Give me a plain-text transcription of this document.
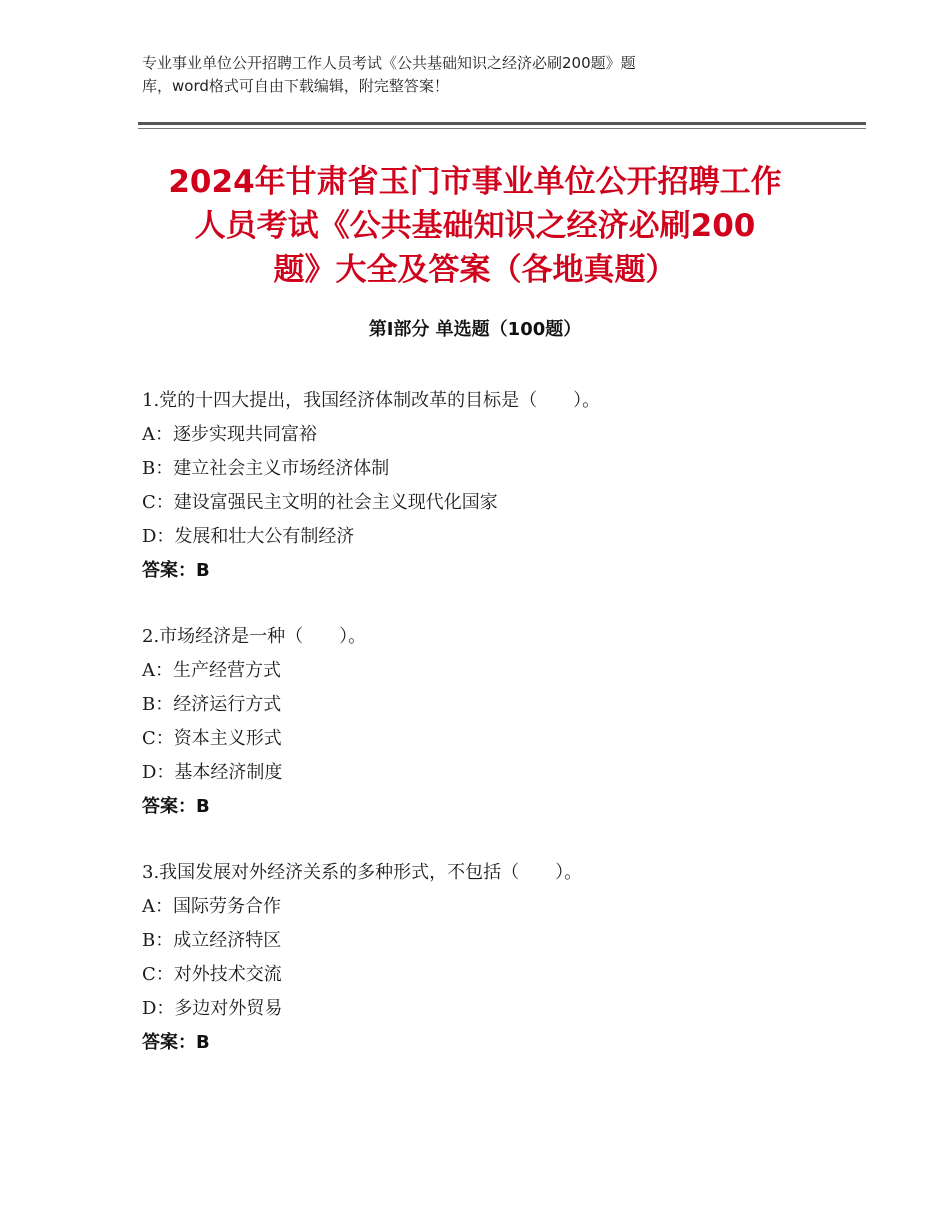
专业事业单位公开招聘工作人员考试《公共基础知识之经济必刷200题》题
库，word格式可自由下载编辑，附完整答案！
2024年甘肃省玉门市事业单位公开招聘工作
人员考试《公共基础知识之经济必刷200
题》大全及答案（各地真题）
第Ⅰ部分 单选题（100题）
1.党的十四大提出，我国经济体制改革的目标是（　　）。
A：逐步实现共同富裕
B：建立社会主义市场经济体制
C：建设富强民主文明的社会主义现代化国家
D：发展和壮大公有制经济
答案：B
2.市场经济是一种（　　）。
A：生产经营方式
B：经济运行方式
C：资本主义形式
D：基本经济制度
答案：B
3.我国发展对外经济关系的多种形式，不包括（　　）。
A：国际劳务合作
B：成立经济特区
C：对外技术交流
D：多边对外贸易
答案：B
